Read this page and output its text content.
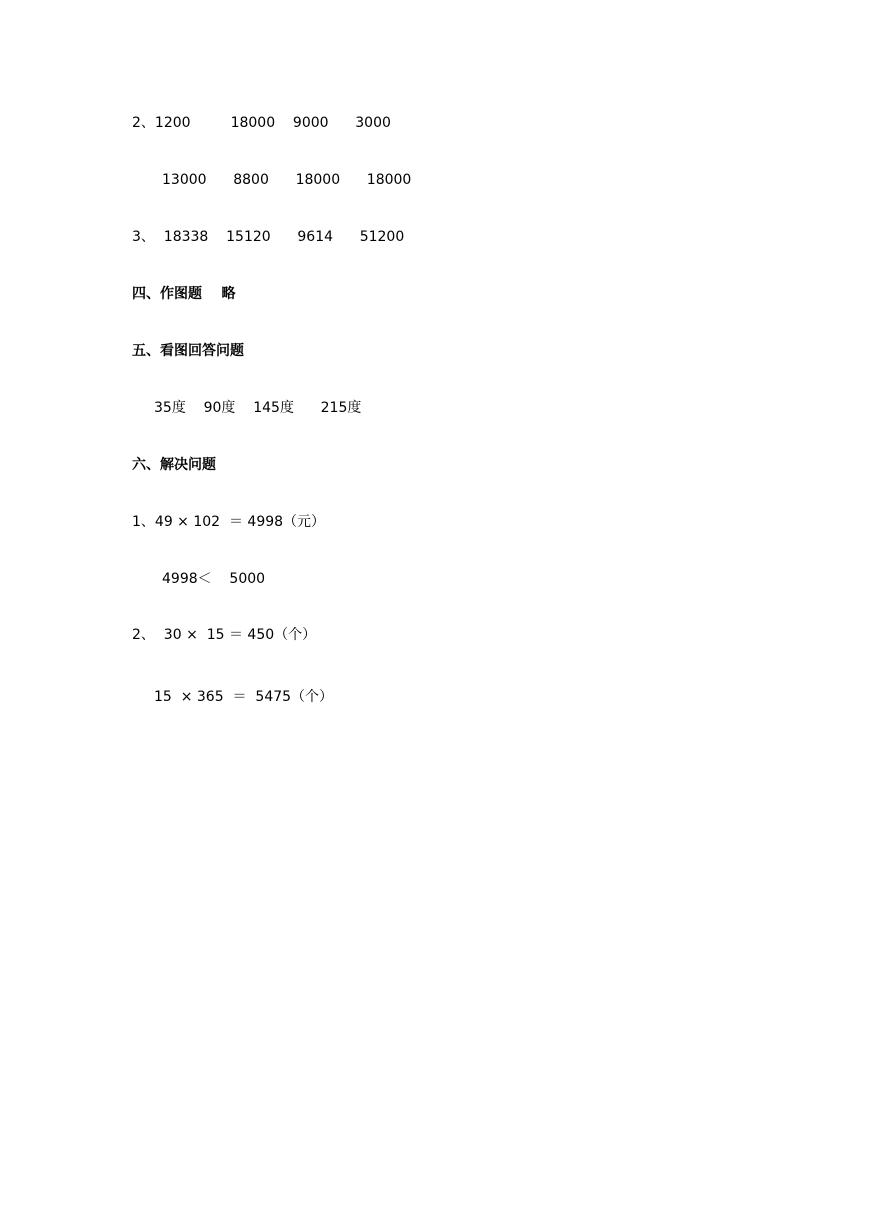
2、1200         18000    9000      3000
13000      8800      18000      18000
3、  18338    15120      9614      51200
四、作图题    略
五、看图回答问题
35度    90度    145度      215度
六、解决问题
1、49 × 102  ＝ 4998（元）
4998＜    5000
2、  30 ×  15 ＝ 450（个）
15  × 365  ＝  5475（个）
